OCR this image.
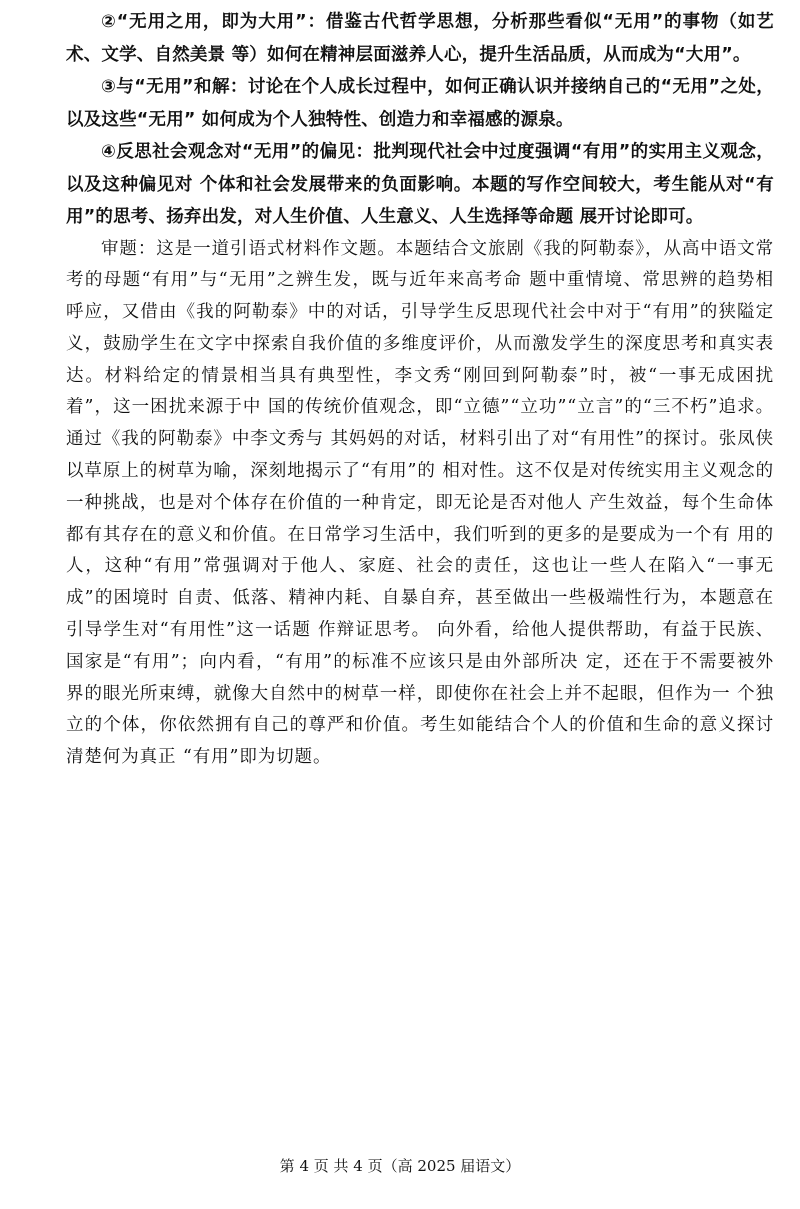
②“无用之用，即为大用”：借鉴古代哲学思想，分析那些看似“无用”的事物（如艺术、文学、自然美景 等）如何在精神层面滋养人心，提升生活品质，从而成为“大用”。

③与“无用”和解：讨论在个人成长过程中，如何正确认识并接纳自己的“无用”之处，以及这些“无用” 如何成为个人独特性、创造力和幸福感的源泉。

④反思社会观念对“无用”的偏见：批判现代社会中过度强调“有用”的实用主义观念，以及这种偏见对 个体和社会发展带来的负面影响。本题的写作空间较大，考生能从对“有用”的思考、扬弃出发，对人生价值、人生意义、人生选择等命题 展开讨论即可。

审题：这是一道引语式材料作文题。本题结合文旅剧《我的阿勒泰》，从高中语文常考的母题“有用”与“无用”之辨生发，既与近年来高考命 题中重情境、常思辨的趋势相呼应，又借由《我的阿勒泰》中的对话，引导学生反思现代社会中对于“有用”的狭隘定义，鼓励学生在文字中探索自我价值的多维度评价，从而激发学生的深度思考和真实表达。材料给定的情景相当具有典型性，李文秀“刚回到阿勒泰”时，被“一事无成困扰着”，这一困扰来源于中 国的传统价值观念，即“立德”“立功”“立言”的“三不朽”追求。通过《我的阿勒泰》中李文秀与 其妈妈的对话，材料引出了对“有用性”的探讨。张凤侠以草原上的树草为喻，深刻地揭示了“有用”的 相对性。这不仅是对传统实用主义观念的一种挑战，也是对个体存在价值的一种肯定，即无论是否对他人 产生效益，每个生命体都有其存在的意义和价值。在日常学习生活中，我们听到的更多的是要成为一个有 用的人，这种“有用”常强调对于他人、家庭、社会的责任，这也让一些人在陷入“一事无成”的困境时 自责、低落、精神内耗、自暴自弃，甚至做出一些极端性行为，本题意在引导学生对“有用性”这一话题 作辩证思考。 向外看，给他人提供帮助，有益于民族、国家是“有用”；向内看，“有用”的标准不应该只是由外部所决 定，还在于不需要被外界的眼光所束缚，就像大自然中的树草一样，即使你在社会上并不起眼，但作为一 个独立的个体，你依然拥有自己的尊严和价值。考生如能结合个人的价值和生命的意义探讨清楚何为真正 “有用”即为切题。

第 4 页 共 4 页（高 2025 届语文）
